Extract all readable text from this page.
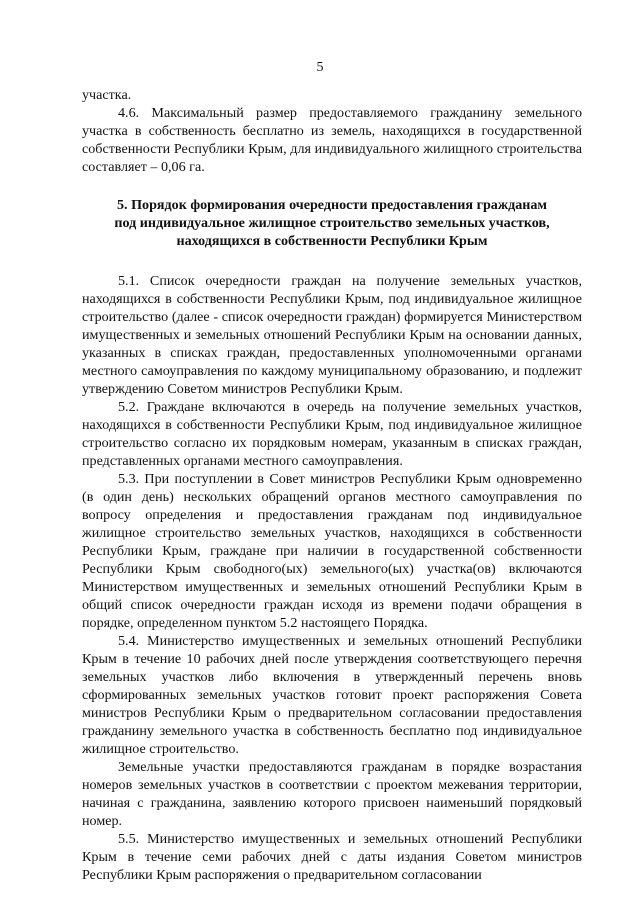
5

участка.

4.6. Максимальный размер предоставляемого гражданину земельного участка в собственность бесплатно из земель, находящихся в государственной собственности Республики Крым, для индивидуального жилищного строительства составляет – 0,06 га.

5. Порядок формирования очередности предоставления гражданам
под индивидуальное жилищное строительство земельных участков,
находящихся в собственности Республики Крым

5.1. Список очередности граждан на получение земельных участков, находящихся в собственности Республики Крым, под индивидуальное жилищное строительство (далее - список очередности граждан) формируется Министерством имущественных и земельных отношений Республики Крым на основании данных, указанных в списках граждан, предоставленных уполномоченными органами местного самоуправления по каждому муниципальному образованию, и подлежит утверждению Советом министров Республики Крым.

5.2. Граждане включаются в очередь на получение земельных участков, находящихся в собственности Республики Крым, под индивидуальное жилищное строительство согласно их порядковым номерам, указанным в списках граждан, представленных органами местного самоуправления.

5.3. При поступлении в Совет министров Республики Крым одновременно (в один день) нескольких обращений органов местного самоуправления по вопросу определения и предоставления гражданам под индивидуальное жилищное строительство земельных участков, находящихся в собственности Республики Крым, граждане при наличии в государственной собственности Республики Крым свободного(ых) земельного(ых) участка(ов) включаются Министерством имущественных и земельных отношений Республики Крым в общий список очередности граждан исходя из времени подачи обращения в порядке, определенном пунктом 5.2 настоящего Порядка.

5.4. Министерство имущественных и земельных отношений Республики Крым в течение 10 рабочих дней после утверждения соответствующего перечня земельных участков либо включения в утвержденный перечень вновь сформированных земельных участков готовит проект распоряжения Совета министров Республики Крым о предварительном согласовании предоставления гражданину земельного участка в собственность бесплатно под индивидуальное жилищное строительство.

Земельные участки предоставляются гражданам в порядке возрастания номеров земельных участков в соответствии с проектом межевания территории, начиная с гражданина, заявлению которого присвоен наименьший порядковый номер.

5.5. Министерство имущественных и земельных отношений Республики Крым в течение семи рабочих дней с даты издания Советом министров Республики Крым распоряжения о предварительном согласовании
